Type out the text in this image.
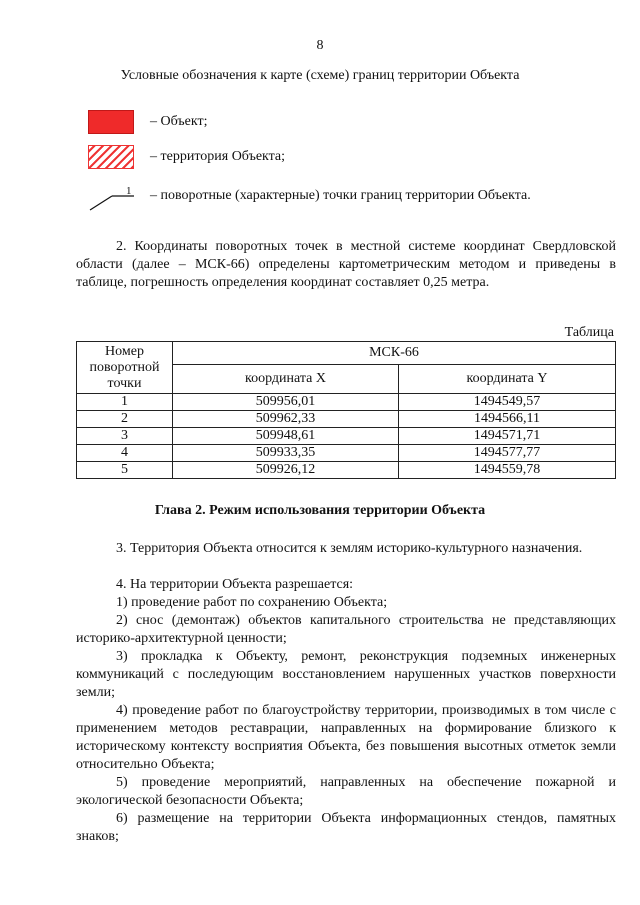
8
Условные обозначения к карте (схеме) границ территории Объекта
– Объект;
– территория Объекта;
1 – поворотные (характерные) точки границ территории Объекта.
2. Координаты поворотных точек в местной системе координат Свердловской области (далее – МСК-66) определены картометрическим методом и приведены в таблице, погрешность определения координат составляет 0,25 метра.
Таблица
Номер поворотной точки	МСК-66	
	координата X	координата Y
1	509956,01	1494549,57
2	509962,33	1494566,11
3	509948,61	1494571,71
4	509933,35	1494577,77
5	509926,12	1494559,78
Глава 2. Режим использования территории Объекта
3. Территория Объекта относится к землям историко-культурного назначения.
4. На территории Объекта разрешается:
1) проведение работ по сохранению Объекта;
2) снос (демонтаж) объектов капитального строительства не представляющих историко-архитектурной ценности;
3) прокладка к Объекту, ремонт, реконструкция подземных инженерных коммуникаций с последующим восстановлением нарушенных участков поверхности земли;
4) проведение работ по благоустройству территории, производимых в том числе с применением методов реставрации, направленных на формирование близкого к историческому контексту восприятия Объекта, без повышения высотных отметок земли относительно Объекта;
5) проведение мероприятий, направленных на обеспечение пожарной и экологической безопасности Объекта;
6) размещение на территории Объекта информационных стендов, памятных знаков;
